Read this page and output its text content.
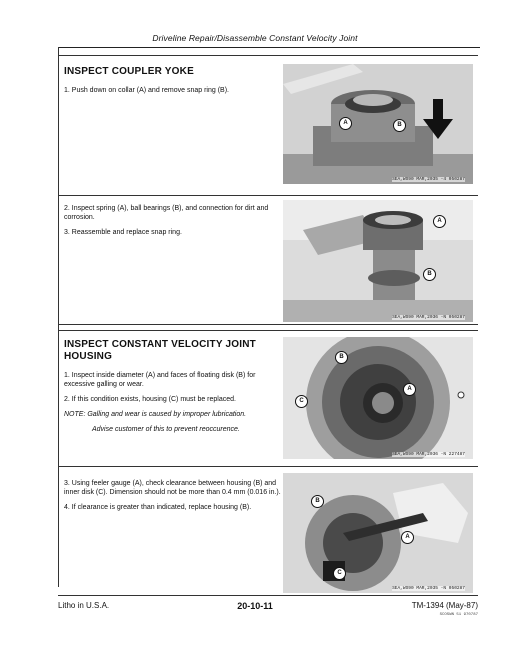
Driveline Repair/Disassemble Constant Velocity Joint
INSPECT COUPLER YOKE

1. Push down on collar (A) and remove snap ring (B).

A	B
SEA,WS90 MAR,2035 -4 050287

2. Inspect spring (A), ball bearings (B), and connection for dirt and corrosion.

3. Reassemble and replace snap ring.

A
B
SEA,WS90 MAR,2036 -N 050287
INSPECT CONSTANT VELOCITY JOINT HOUSING

1. Inspect inside diameter (A) and faces of floating disk (B) for excessive galling or wear.

2. If this condition exists, housing (C) must be replaced.

NOTE: Galling and wear is caused by improper lubrication.

Advise customer of this to prevent reoccurence.

B
C
A
SEA,WS90 MAR,2036 -N 227487

3. Using feeler gauge (A), check clearance between housing (B) and inner disk (C). Dimension should not be more than 0.4 mm (0.016 in.).

4. If clearance is greater than indicated, replace housing (B).

B
A
C
SEA,WS90 MAR,2035 -N 050287
Litho in U.S.A.	20-10-11	TM-1394 (May-87)
SCOSWN 51 970787
